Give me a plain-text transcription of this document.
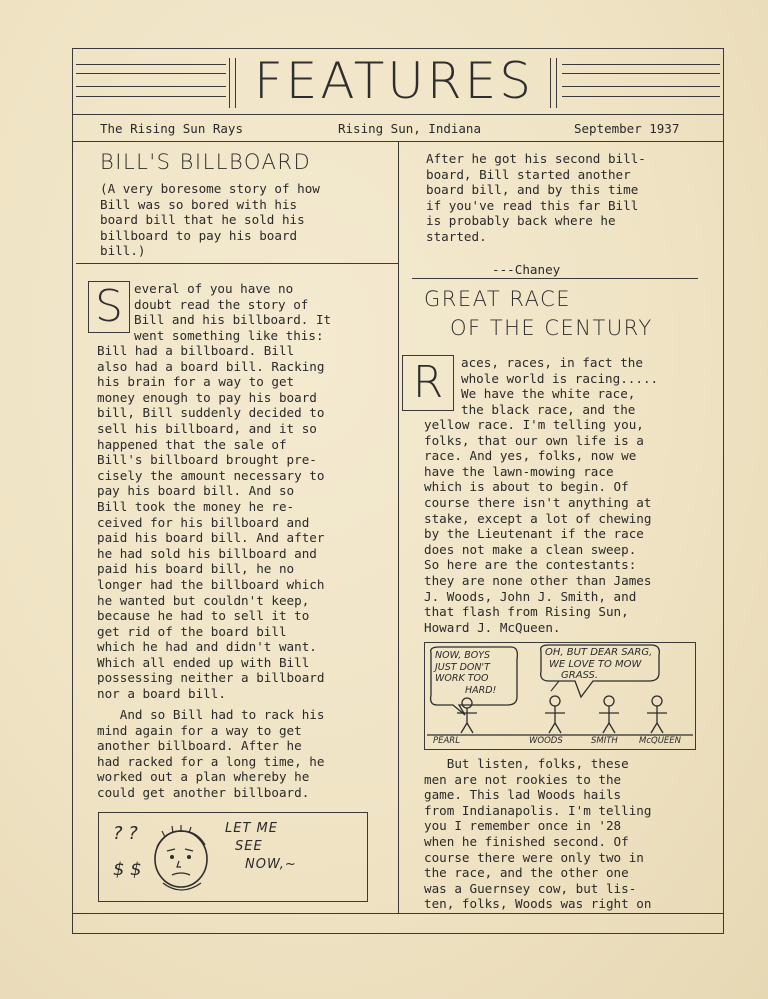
FEATURES
The Rising Sun Rays	Rising Sun, Indiana	September 1937
BILL'S BILLBOARD
(A very boresome story of how
Bill was so bored with his
board bill that he sold his
billboard to pay his board
bill.)
S everal of you have no
doubt read the story of
Bill and his billboard. It
went something like this:
Bill had a billboard. Bill
also had a board bill. Racking
his brain for a way to get
money enough to pay his board
bill, Bill suddenly decided to
sell his billboard, and it so
happened that the sale of
Bill's billboard brought pre-
cisely the amount necessary to
pay his board bill. And so
Bill took the money he re-
ceived for his billboard and
paid his board bill. And after
he had sold his billboard and
paid his board bill, he no
longer had the billboard which
he wanted but couldn't keep,
because he had to sell it to
get rid of the board bill
which he had and didn't want.
Which all ended up with Bill
possessing neither a billboard
nor a board bill.
And so Bill had to rack his
mind again for a way to get
another billboard. After he
had racked for a long time, he
worked out a plan whereby he
could get another billboard.
? ?
$ $
LET ME
SEE
NOW,~
After he got his second bill-
board, Bill started another
board bill, and by this time
if you've read this far Bill
is probably back where he
started.
---Chaney
GREAT RACE
OF THE CENTURY
R	aces, races, in fact the
whole world is racing.....
We have the white race,
the black race, and the
yellow race. I'm telling you,
folks, that our own life is a
race. And yes, folks, now we
have the lawn-mowing race
which is about to begin. Of
course there isn't anything at
stake, except a lot of chewing
by the Lieutenant if the race
does not make a clean sweep.
So here are the contestants:
they are none other than James
J. Woods, John J. Smith, and
that flash from Rising Sun,
Howard J. McQueen.
NOW, BOYS
JUST DON'T
WORK TOO
HARD!
OH, BUT DEAR SARG,
WE LOVE TO MOW
GRASS.
PEARL	WOODS	SMITH McQUEEN
But listen, folks, these
men are not rookies to the
game. This lad Woods hails
from Indianapolis. I'm telling
you I remember once in '28
when he finished second. Of
course there were only two in
the race, and the other one
was a Guernsey cow, but lis-
ten, folks, Woods was right on
